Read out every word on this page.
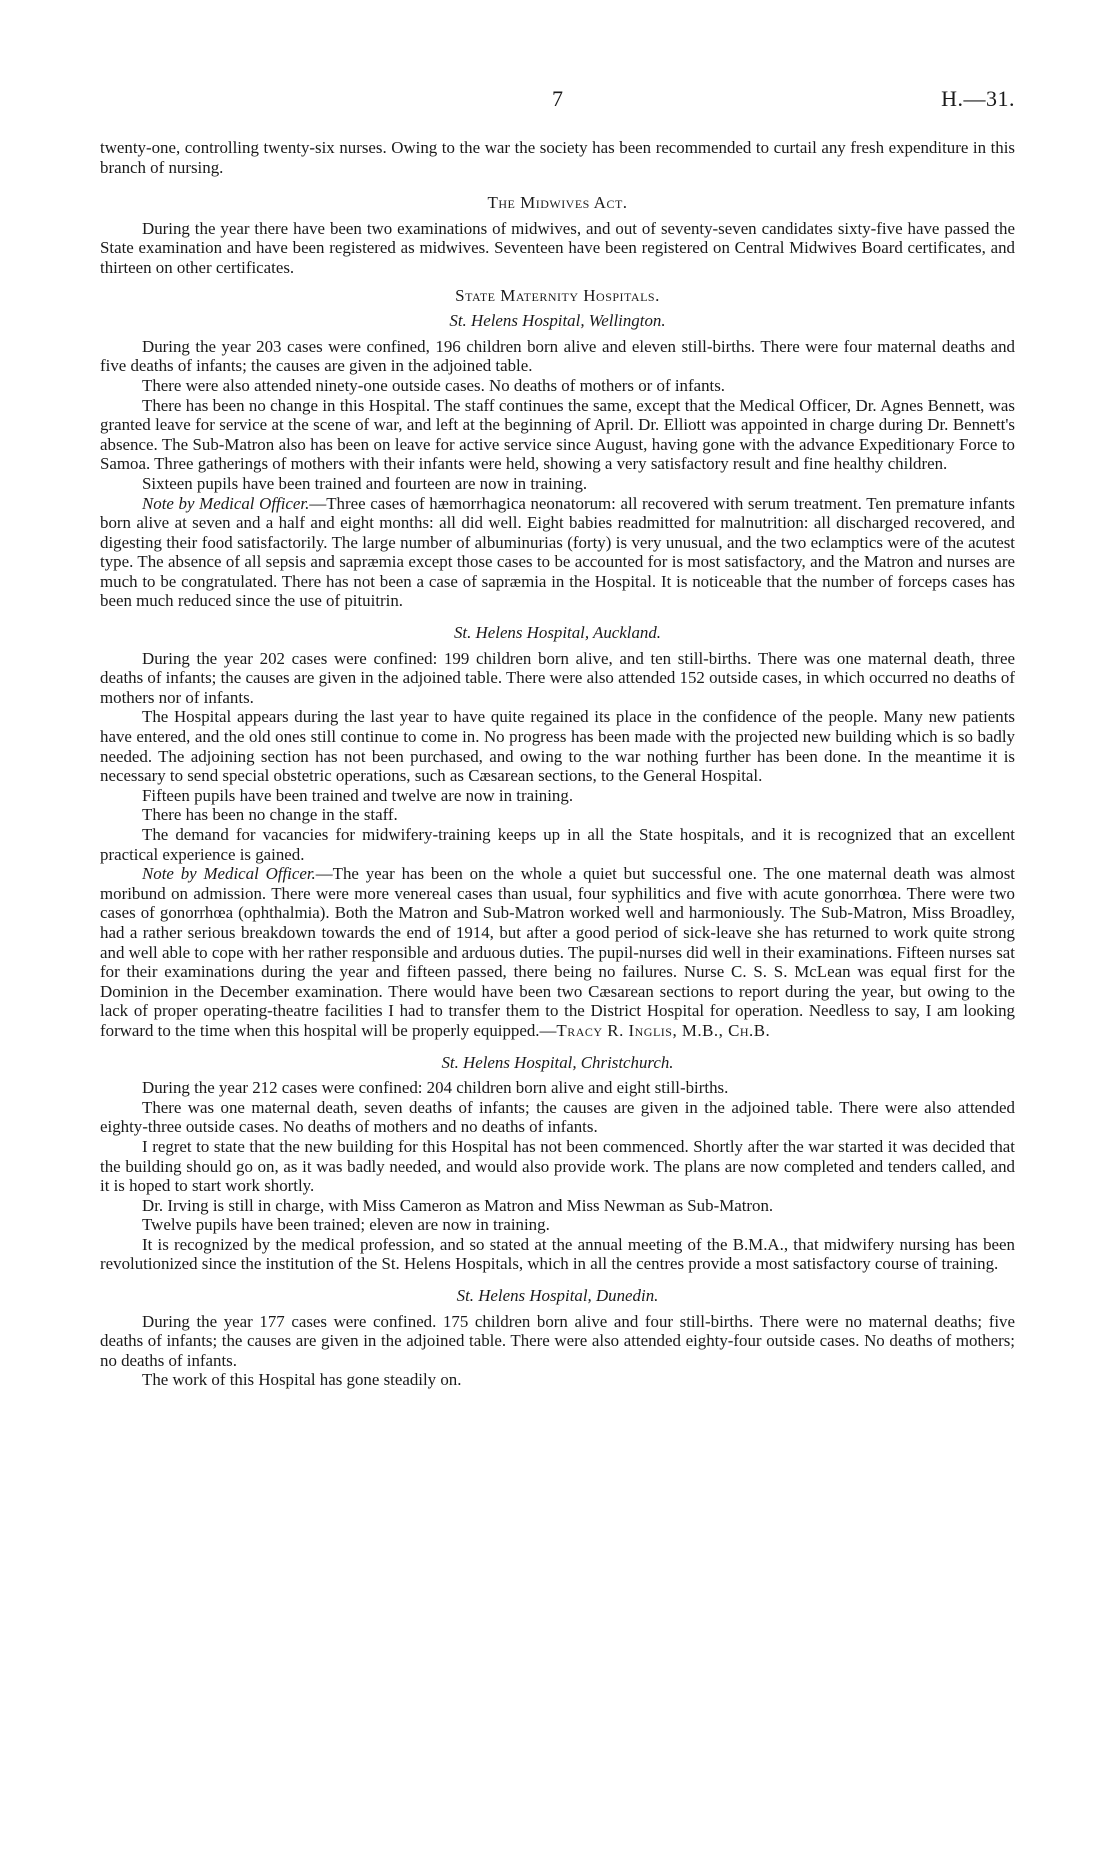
7	H.—31.

twenty-one, controlling twenty-six nurses. Owing to the war the society has been recommended to curtail any fresh expenditure in this branch of nursing.

The Midwives Act.

During the year there have been two examinations of midwives, and out of seventy-seven candidates sixty-five have passed the State examination and have been registered as midwives. Seventeen have been registered on Central Midwives Board certificates, and thirteen on other certificates.

State Maternity Hospitals.

St. Helens Hospital, Wellington.

During the year 203 cases were confined, 196 children born alive and eleven still-births. There were four maternal deaths and five deaths of infants; the causes are given in the adjoined table.

There were also attended ninety-one outside cases. No deaths of mothers or of infants.

There has been no change in this Hospital. The staff continues the same, except that the Medical Officer, Dr. Agnes Bennett, was granted leave for service at the scene of war, and left at the beginning of April. Dr. Elliott was appointed in charge during Dr. Bennett's absence. The Sub-Matron also has been on leave for active service since August, having gone with the advance Expeditionary Force to Samoa. Three gatherings of mothers with their infants were held, showing a very satisfactory result and fine healthy children.

Sixteen pupils have been trained and fourteen are now in training.

Note by Medical Officer.—Three cases of hæmorrhagica neonatorum: all recovered with serum treatment. Ten premature infants born alive at seven and a half and eight months: all did well. Eight babies readmitted for malnutrition: all discharged recovered, and digesting their food satisfactorily. The large number of albuminurias (forty) is very unusual, and the two eclamptics were of the acutest type. The absence of all sepsis and sapræmia except those cases to be accounted for is most satisfactory, and the Matron and nurses are much to be congratulated. There has not been a case of sapræmia in the Hospital. It is noticeable that the number of forceps cases has been much reduced since the use of pituitrin.

St. Helens Hospital, Auckland.

During the year 202 cases were confined: 199 children born alive, and ten still-births. There was one maternal death, three deaths of infants; the causes are given in the adjoined table. There were also attended 152 outside cases, in which occurred no deaths of mothers nor of infants.

The Hospital appears during the last year to have quite regained its place in the confidence of the people. Many new patients have entered, and the old ones still continue to come in. No progress has been made with the projected new building which is so badly needed. The adjoining section has not been purchased, and owing to the war nothing further has been done. In the meantime it is necessary to send special obstetric operations, such as Cæsarean sections, to the General Hospital.

Fifteen pupils have been trained and twelve are now in training.

There has been no change in the staff.

The demand for vacancies for midwifery-training keeps up in all the State hospitals, and it is recognized that an excellent practical experience is gained.

Note by Medical Officer.—The year has been on the whole a quiet but successful one. The one maternal death was almost moribund on admission. There were more venereal cases than usual, four syphilitics and five with acute gonorrhœa. There were two cases of gonorrhœa (ophthalmia). Both the Matron and Sub-Matron worked well and harmoniously. The Sub-Matron, Miss Broadley, had a rather serious breakdown towards the end of 1914, but after a good period of sick-leave she has returned to work quite strong and well able to cope with her rather responsible and arduous duties. The pupil-nurses did well in their examinations. Fifteen nurses sat for their examinations during the year and fifteen passed, there being no failures. Nurse C. S. S. McLean was equal first for the Dominion in the December examination. There would have been two Cæsarean sections to report during the year, but owing to the lack of proper operating-theatre facilities I had to transfer them to the District Hospital for operation. Needless to say, I am looking forward to the time when this hospital will be properly equipped.—Tracy R. Inglis, M.B., Ch.B.

St. Helens Hospital, Christchurch.

During the year 212 cases were confined: 204 children born alive and eight still-births.

There was one maternal death, seven deaths of infants; the causes are given in the adjoined table. There were also attended eighty-three outside cases. No deaths of mothers and no deaths of infants.

I regret to state that the new building for this Hospital has not been commenced. Shortly after the war started it was decided that the building should go on, as it was badly needed, and would also provide work. The plans are now completed and tenders called, and it is hoped to start work shortly.

Dr. Irving is still in charge, with Miss Cameron as Matron and Miss Newman as Sub-Matron.

Twelve pupils have been trained; eleven are now in training.

It is recognized by the medical profession, and so stated at the annual meeting of the B.M.A., that midwifery nursing has been revolutionized since the institution of the St. Helens Hospitals, which in all the centres provide a most satisfactory course of training.

St. Helens Hospital, Dunedin.

During the year 177 cases were confined. 175 children born alive and four still-births. There were no maternal deaths; five deaths of infants; the causes are given in the adjoined table. There were also attended eighty-four outside cases. No deaths of mothers; no deaths of infants.

The work of this Hospital has gone steadily on.
